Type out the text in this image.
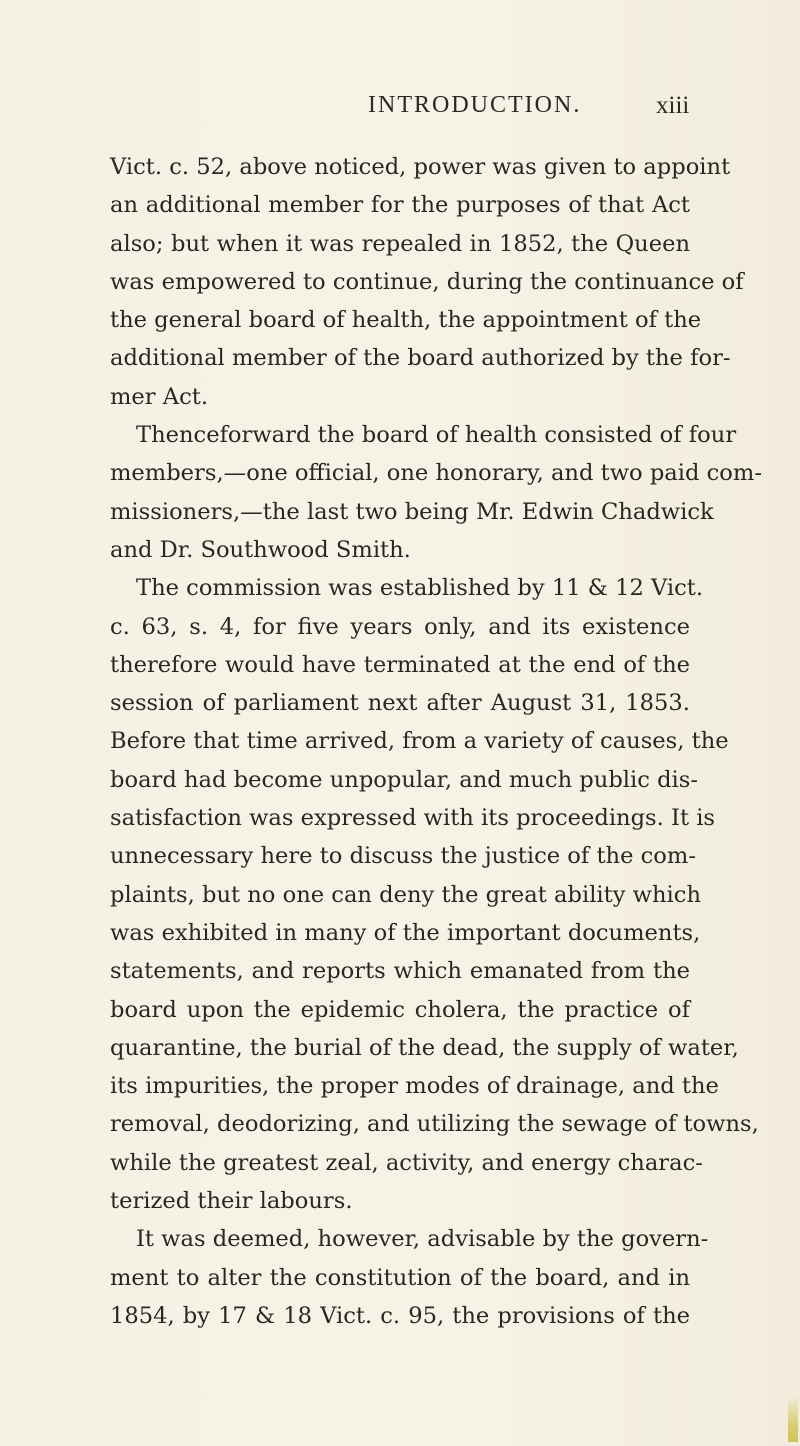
INTRODUCTION.	xiii
Vict. c. 52, above noticed, power was given to appoint
an additional member for the purposes of that Act
also; but when it was repealed in 1852, the Queen
was empowered to continue, during the continuance of
the general board of health, the appointment of the
additional member of the board authorized by the for-
mer Act.
Thenceforward the board of health consisted of four
members,—one official, one honorary, and two paid com-
missioners,—the last two being Mr. Edwin Chadwick
and Dr. Southwood Smith.
The commission was established by 11 & 12 Vict.
c. 63, s. 4, for five years only, and its existence
therefore would have terminated at the end of the
session of parliament next after August 31, 1853.
Before that time arrived, from a variety of causes, the
board had become unpopular, and much public dis-
satisfaction was expressed with its proceedings. It is
unnecessary here to discuss the justice of the com-
plaints, but no one can deny the great ability which
was exhibited in many of the important documents,
statements, and reports which emanated from the
board upon the epidemic cholera, the practice of
quarantine, the burial of the dead, the supply of water,
its impurities, the proper modes of drainage, and the
removal, deodorizing, and utilizing the sewage of towns,
while the greatest zeal, activity, and energy charac-
terized their labours.
It was deemed, however, advisable by the govern-
ment to alter the constitution of the board, and in
1854, by 17 & 18 Vict. c. 95, the provisions of the
